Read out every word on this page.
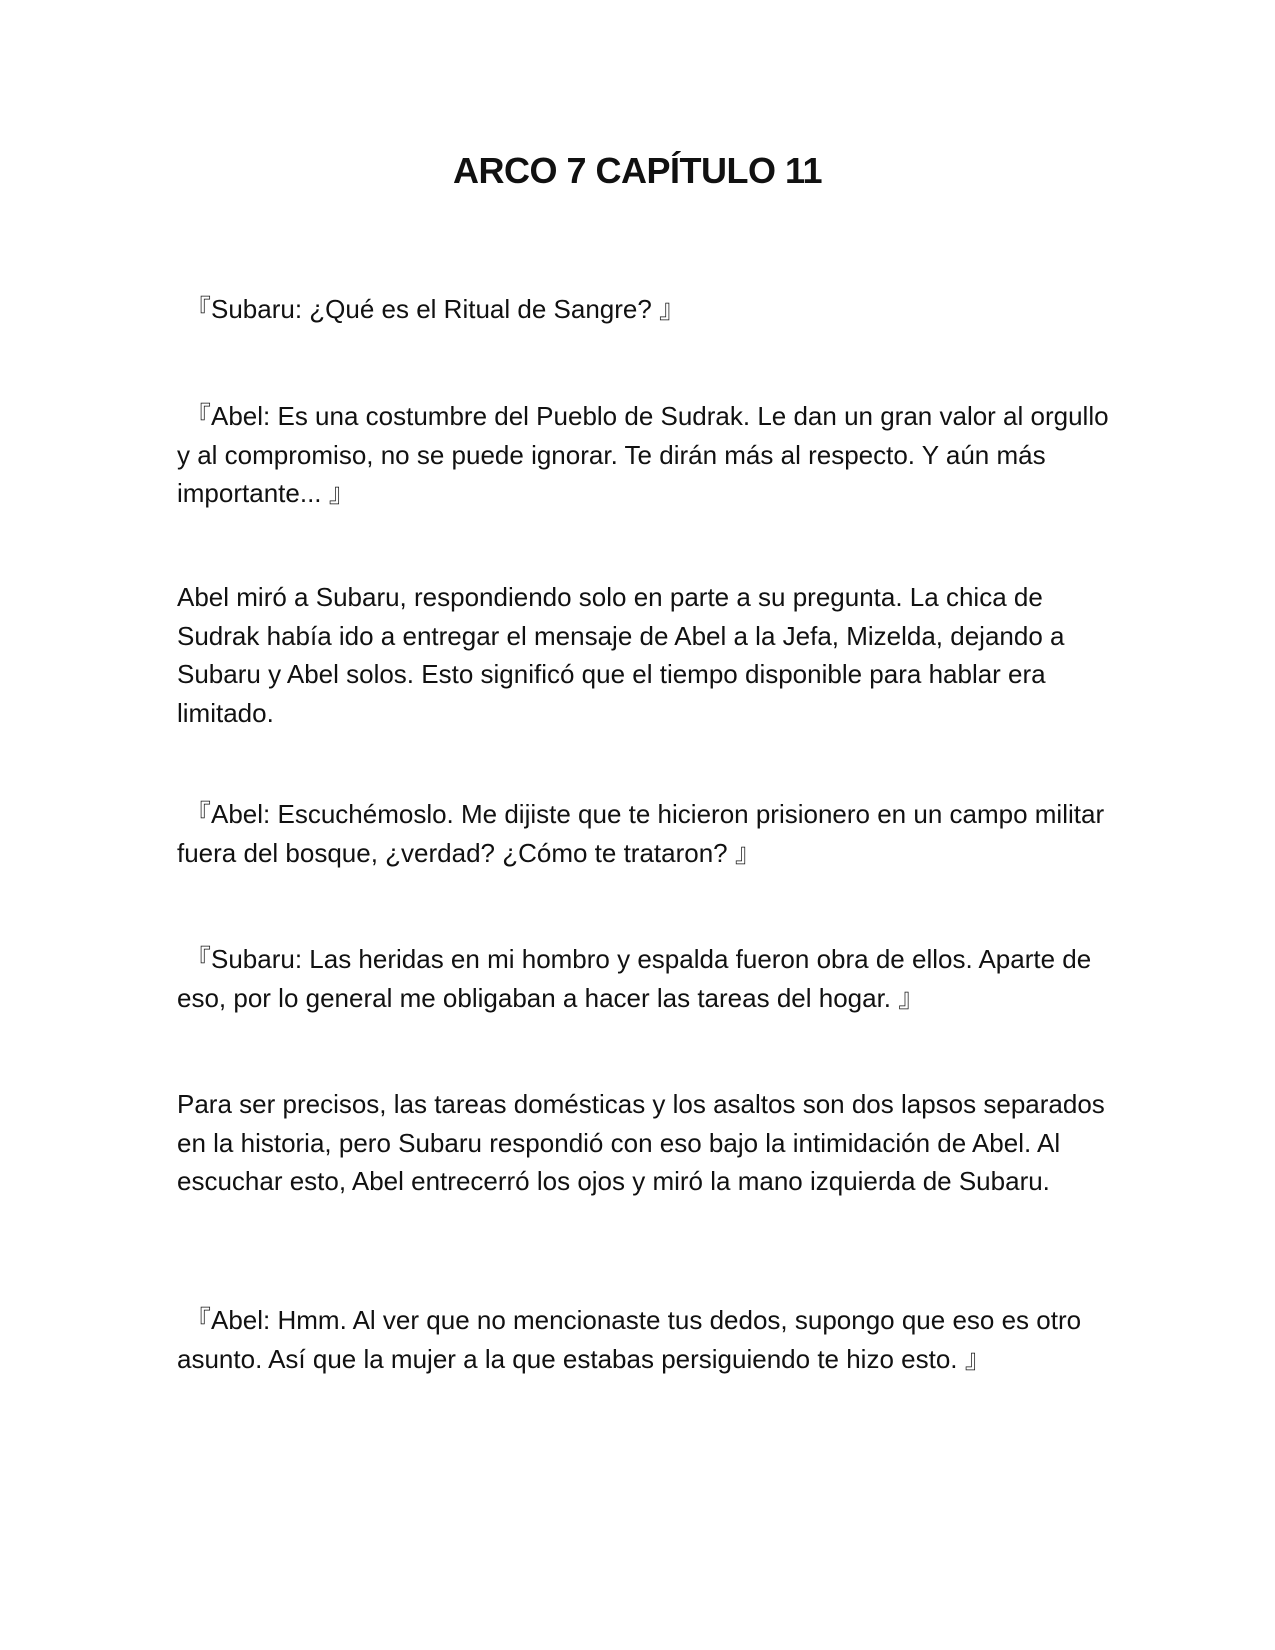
ARCO 7 CAPÍTULO 11

『Subaru: ¿Qué es el Ritual de Sangre? 』

『Abel: Es una costumbre del Pueblo de Sudrak. Le dan un gran valor al orgullo y al compromiso, no se puede ignorar. Te dirán más al respecto. Y aún más importante... 』

Abel miró a Subaru, respondiendo solo en parte a su pregunta. La chica de Sudrak había ido a entregar el mensaje de Abel a la Jefa, Mizelda, dejando a Subaru y Abel solos. Esto significó que el tiempo disponible para hablar era limitado.

『Abel: Escuchémoslo. Me dijiste que te hicieron prisionero en un campo militar fuera del bosque, ¿verdad? ¿Cómo te trataron? 』

『Subaru: Las heridas en mi hombro y espalda fueron obra de ellos. Aparte de eso, por lo general me obligaban a hacer las tareas del hogar. 』

Para ser precisos, las tareas domésticas y los asaltos son dos lapsos separados en la historia, pero Subaru respondió con eso bajo la intimidación de Abel. Al escuchar esto, Abel entrecerró los ojos y miró la mano izquierda de Subaru.

『Abel: Hmm. Al ver que no mencionaste tus dedos, supongo que eso es otro asunto. Así que la mujer a la que estabas persiguiendo te hizo esto. 』
